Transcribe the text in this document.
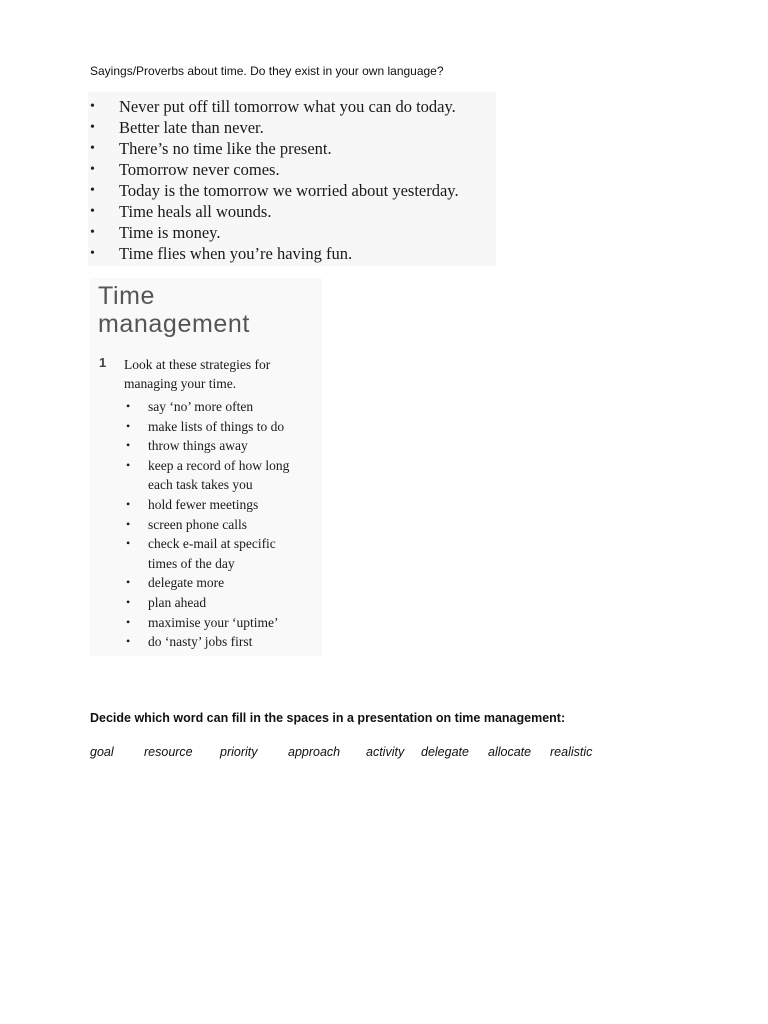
Sayings/Proverbs about time. Do they exist in your own language?
• Never put off till tomorrow what you can do today.
• Better late than never.
• There’s no time like the present.
• Tomorrow never comes.
• Today is the tomorrow we worried about yesterday.
• Time heals all wounds.
• Time is money.
• Time flies when you’re having fun.
Time
management
1 Look at these strategies for managing your time.
• say ‘no’ more often
• make lists of things to do
• throw things away
• keep a record of how long
each task takes you
• hold fewer meetings
• screen phone calls
• check e-mail at specific
times of the day
• delegate more
• plan ahead
• maximise your ‘uptime’
• do ‘nasty’ jobs first
Decide which word can fill in the spaces in a presentation on time management:
goal	resource	priority	approach	activity	delegate	allocate	realistic
